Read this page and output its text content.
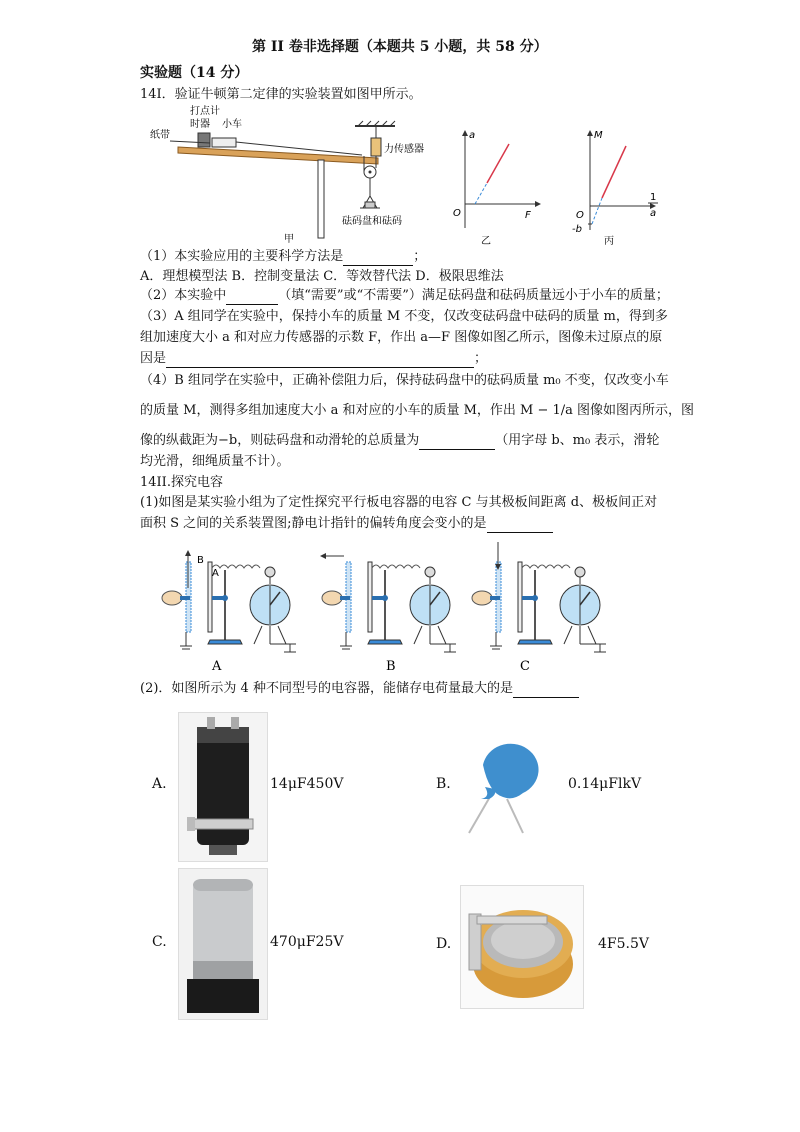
第 II 卷非选择题（本题共 5 小题，共 58 分）
实验题（14 分）
14I．验证牛顿第二定律的实验装置如图甲所示。
打点计
时器 小车
纸带
力传感器
砝码盘和砝码
甲
a
F
O
乙
M
1
a
O
-b
丙
（1）本实验应用的主要科学方法是	；
A．理想模型法 B．控制变量法 C．等效替代法 D．极限思维法
（2）本实验中	（填“需要”或“不需要”）满足砝码盘和砝码质量远小于小车的质量；
（3）A 组同学在实验中，保持小车的质量 M 不变，仅改变砝码盘中砝码的质量 m，得到多
组加速度大小 a 和对应力传感器的示数 F，作出 a—F 图像如图乙所示，图像未过原点的原
因是	；
（4）B 组同学在实验中，正确补偿阻力后，保持砝码盘中的砝码质量 m₀ 不变，仅改变小车
的质量 M，测得多组加速度大小 a 和对应的小车的质量 M，作出 M − 1/a 图像如图丙所示，图
像的纵截距为−b，则砝码盘和动滑轮的总质量为	（用字母 b、m₀ 表示，滑轮
均光滑，细绳质量不计）。
14II.探究电容
(1)如图是某实验小组为了定性探究平行板电容器的电容 C 与其极板间距离 d、极板间正对
面积 S 之间的关系装置图;静电计指针的偏转角度会变小的是
B
A
A	B	C
(2)．如图所示为 4 种不同型号的电容器，能储存电荷量最大的是
A.	14μF450V	B.	0.14μFlkV
C.	470μF25V	D.	4F5.5V
